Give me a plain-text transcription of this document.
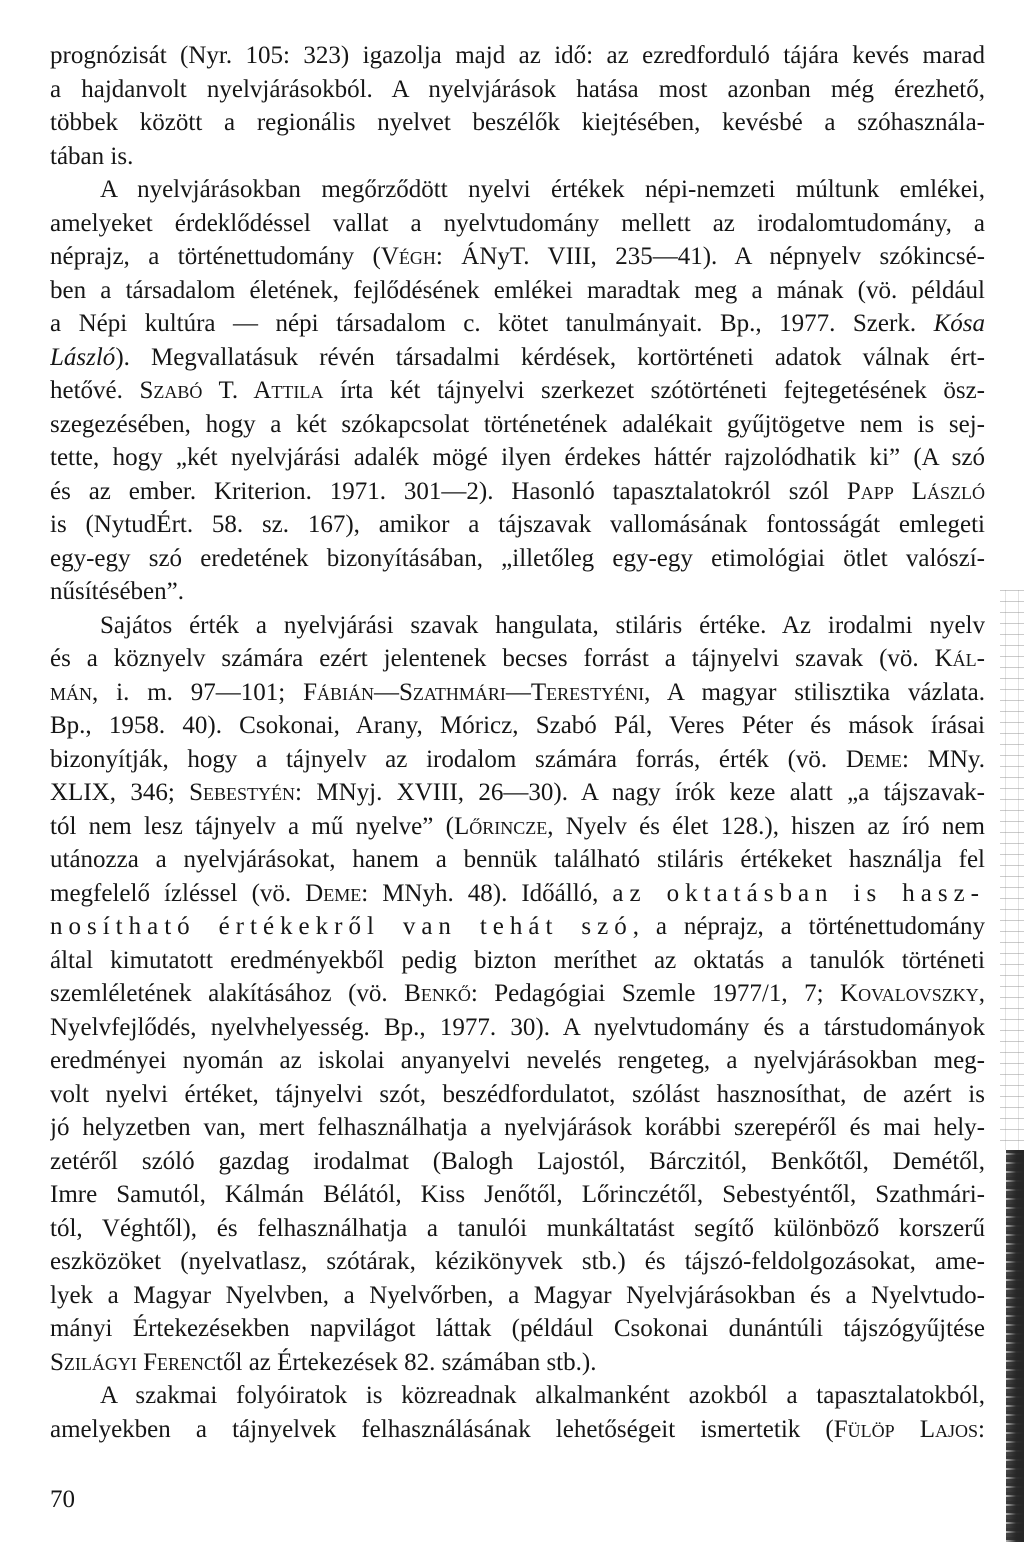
prognózisát (Nyr. 105: 323) igazolja majd az idő: az ezredforduló tájára kevés marad
a hajdanvolt nyelvjárásokból. A nyelvjárások hatása most azonban még érezhető,
többek között a regionális nyelvet beszélők kiejtésében, kevésbé a szóhasznála-
tában is.
A nyelvjárásokban megőrződött nyelvi értékek népi-nemzeti múltunk emlékei,
amelyeket érdeklődéssel vallat a nyelvtudomány mellett az irodalomtudomány, a
néprajz, a történettudomány (Végh: ÁNyT. VIII, 235—41). A népnyelv szókincsé-
ben a társadalom életének, fejlődésének emlékei maradtak meg a mának (vö. például
a Népi kultúra — népi társadalom c. kötet tanulmányait. Bp., 1977. Szerk. Kósa
László). Megvallatásuk révén társadalmi kérdések, kortörténeti adatok válnak ért-
hetővé. Szabó T. Attila írta két tájnyelvi szerkezet szótörténeti fejtegetésének ösz-
szegezésében, hogy a két szókapcsolat történetének adalékait gyűjtögetve nem is sej-
tette, hogy „két nyelvjárási adalék mögé ilyen érdekes háttér rajzolódhatik ki” (A szó
és az ember. Kriterion. 1971. 301—2). Hasonló tapasztalatokról szól Papp László
is (NytudÉrt. 58. sz. 167), amikor a tájszavak vallomásának fontosságát emlegeti
egy-egy szó eredetének bizonyításában, „illetőleg egy-egy etimológiai ötlet valószí-
nűsítésében”.
Sajátos érték a nyelvjárási szavak hangulata, stiláris értéke. Az irodalmi nyelv
és a köznyelv számára ezért jelentenek becses forrást a tájnyelvi szavak (vö. Kál-
mán, i. m. 97—101; Fábián—Szathmári—Terestyéni, A magyar stilisztika vázlata.
Bp., 1958. 40). Csokonai, Arany, Móricz, Szabó Pál, Veres Péter és mások írásai
bizonyítják, hogy a tájnyelv az irodalom számára forrás, érték (vö. Deme: MNy.
XLIX, 346; Sebestyén: MNyj. XVIII, 26—30). A nagy írók keze alatt „a tájszavak-
tól nem lesz tájnyelv a mű nyelve” (Lőrincze, Nyelv és élet 128.), hiszen az író nem
utánozza a nyelvjárásokat, hanem a bennük található stiláris értékeket használja fel
megfelelő ízléssel (vö. Deme: MNyh. 48). Időálló, az oktatásban is hasz-
nosítható értékekről van tehát szó, a néprajz, a történettudomány
által kimutatott eredményekből pedig bizton meríthet az oktatás a tanulók történeti
szemléletének alakításához (vö. Benkő: Pedagógiai Szemle 1977/1, 7; Kovalovszky,
Nyelvfejlődés, nyelvhelyesség. Bp., 1977. 30). A nyelvtudomány és a társtudományok
eredményei nyomán az iskolai anyanyelvi nevelés rengeteg, a nyelvjárásokban meg-
volt nyelvi értéket, tájnyelvi szót, beszédfordulatot, szólást hasznosíthat, de azért is
jó helyzetben van, mert felhasználhatja a nyelvjárások korábbi szerepéről és mai hely-
zetéről szóló gazdag irodalmat (Balogh Lajostól, Bárczitól, Benkőtől, Demétől,
Imre Samutól, Kálmán Bélától, Kiss Jenőtől, Lőrinczétől, Sebestyéntől, Szathmári-
tól, Véghtől), és felhasználhatja a tanulói munkáltatást segítő különböző korszerű
eszközöket (nyelvatlasz, szótárak, kézikönyvek stb.) és tájszó-feldolgozásokat, ame-
lyek a Magyar Nyelvben, a Nyelvőrben, a Magyar Nyelvjárásokban és a Nyelvtudo-
mányi Értekezésekben napvilágot láttak (például Csokonai dunántúli tájszógyűjtése
Szilágyi Ferenctől az Értekezések 82. számában stb.).
A szakmai folyóiratok is közreadnak alkalmanként azokból a tapasztalatokból,
amelyekben a tájnyelvek felhasználásának lehetőségeit ismertetik (Fülöp Lajos:
70
